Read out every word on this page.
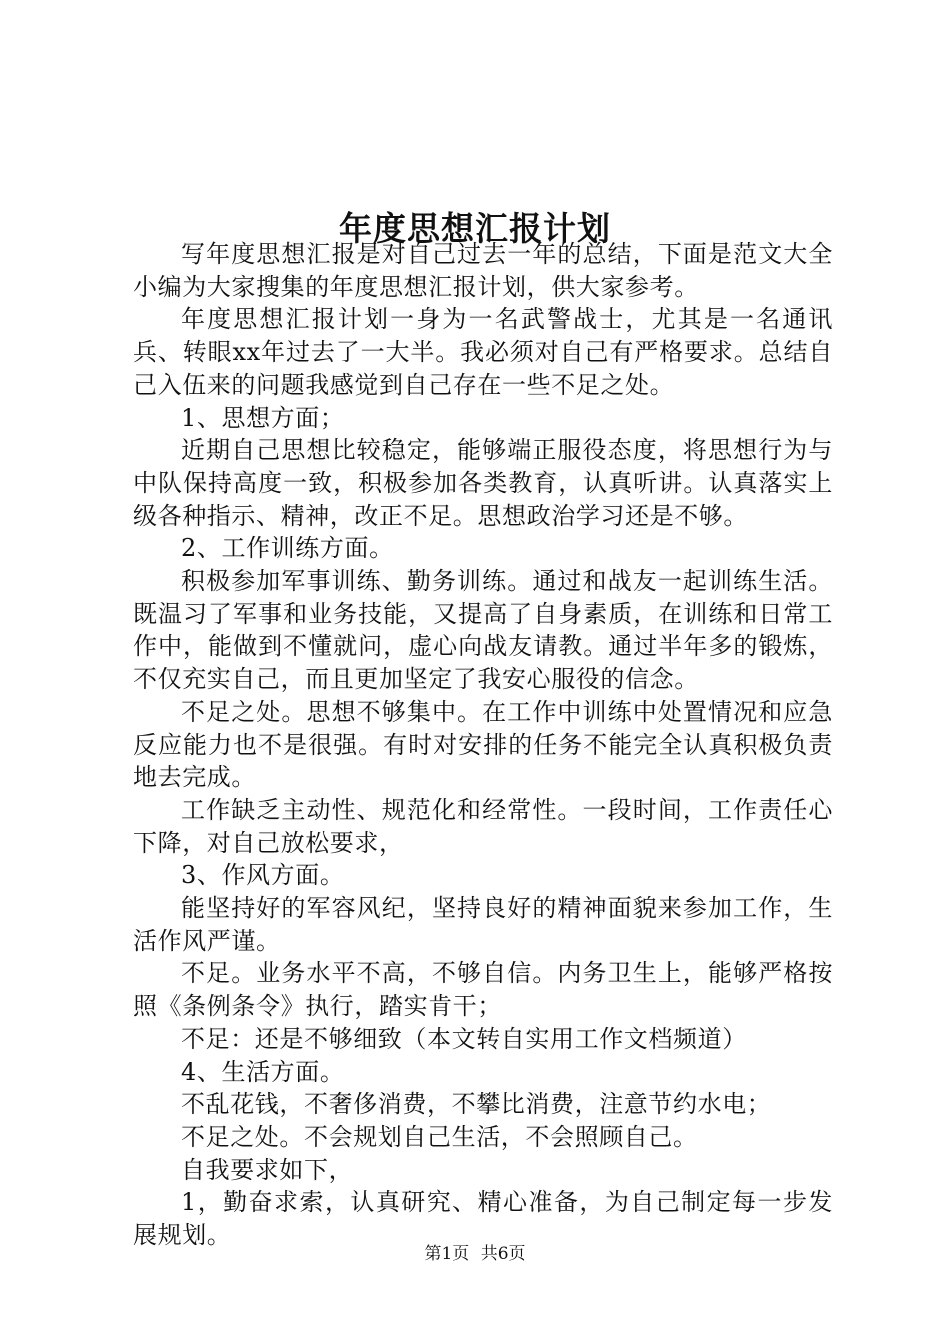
年度思想汇报计划

写年度思想汇报是对自己过去一年的总结，下面是范文大全小编为大家搜集的年度思想汇报计划，供大家参考。

年度思想汇报计划一身为一名武警战士，尤其是一名通讯兵、转眼xx年过去了一大半。我必须对自己有严格要求。总结自己入伍来的问题我感觉到自己存在一些不足之处。

1、思想方面；

近期自己思想比较稳定，能够端正服役态度，将思想行为与中队保持高度一致，积极参加各类教育，认真听讲。认真落实上级各种指示、精神，改正不足。思想政治学习还是不够。

2、工作训练方面。

积极参加军事训练、勤务训练。通过和战友一起训练生活。既温习了军事和业务技能，又提高了自身素质，在训练和日常工作中，能做到不懂就问，虚心向战友请教。通过半年多的锻炼，不仅充实自己，而且更加坚定了我安心服役的信念。

不足之处。思想不够集中。在工作中训练中处置情况和应急反应能力也不是很强。有时对安排的任务不能完全认真积极负责地去完成。

工作缺乏主动性、规范化和经常性。一段时间，工作责任心下降，对自己放松要求，

3、作风方面。

能坚持好的军容风纪，坚持良好的精神面貌来参加工作，生活作风严谨。

不足。业务水平不高，不够自信。内务卫生上，能够严格按照《条例条令》执行，踏实肯干；

不足：还是不够细致（本文转自实用工作文档频道）

4、生活方面。

不乱花钱，不奢侈消费，不攀比消费，注意节约水电；

不足之处。不会规划自己生活，不会照顾自己。

自我要求如下，

1，勤奋求索，认真研究、精心准备，为自己制定每一步发展规划。

第1页 共6页
